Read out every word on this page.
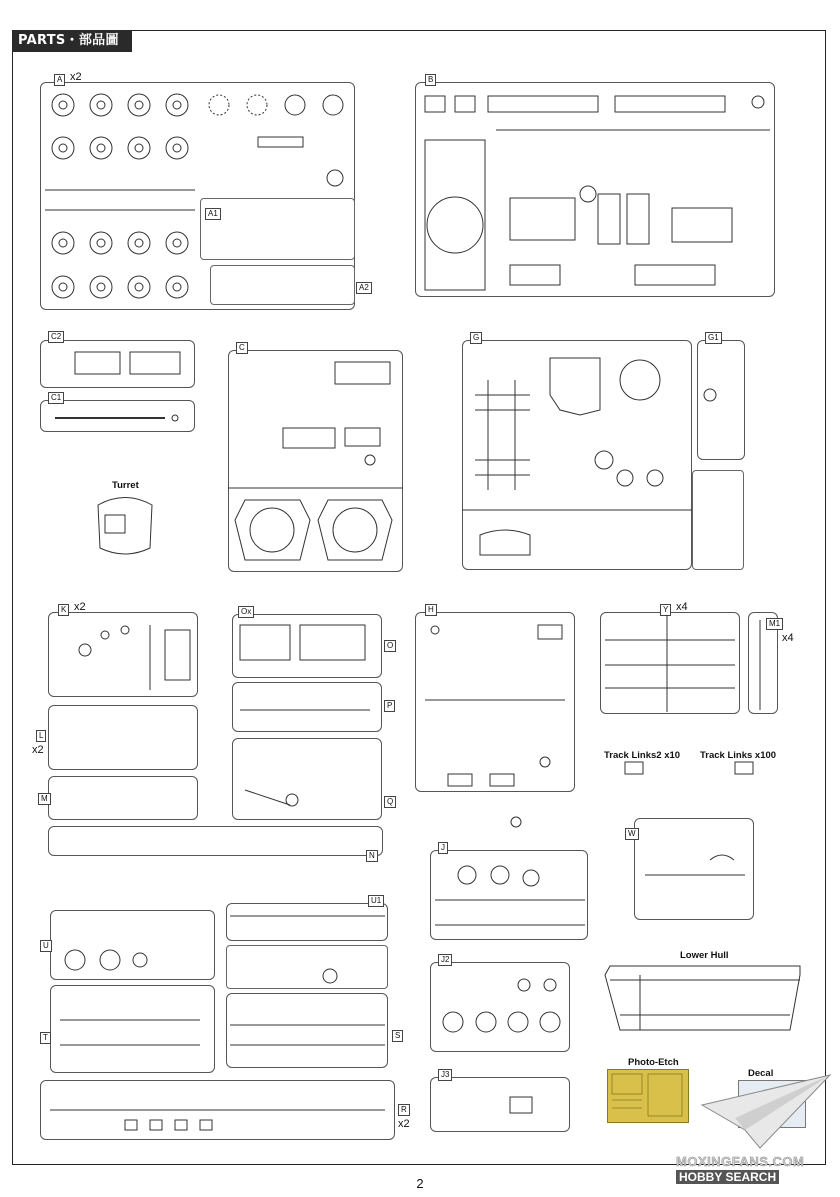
PARTS・部品圖
A x2
A1
A2
B
C2
C1
C
Turret
G	G1
K x2
L
x2
M
N
Ox
O
P
Q
H	Y x4
M1
x4
Track Links2 x10 Track Links x100
W
J
J2
J3
U
U1
T	S
R
x2
Lower Hull
Photo-Etch
Decal
MOXINGFANS.COM
HOBBY SEARCH
2
